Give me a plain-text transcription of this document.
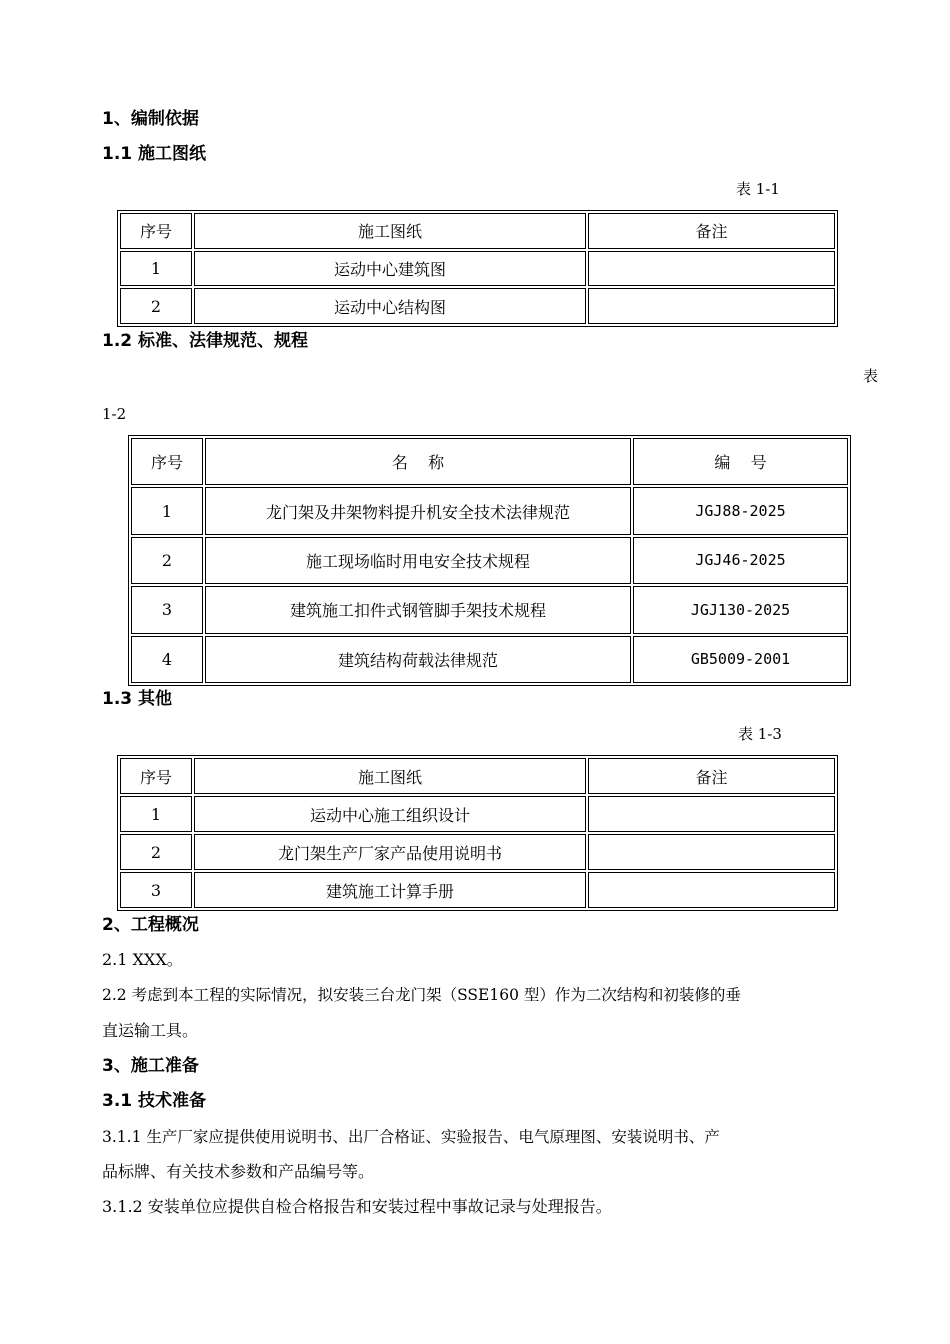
1、编制依据
1.1 施工图纸
表 1-1
序号	施工图纸	备注
1	运动中心建筑图	
2	运动中心结构图	
1.2 标准、法律规范、规程
表
1-2
序号	名    称	编    号
1	龙门架及井架物料提升机安全技术法律规范	JGJ88-2025
2	施工现场临时用电安全技术规程	JGJ46-2025
3	建筑施工扣件式钢管脚手架技术规程	JGJ130-2025
4	建筑结构荷载法律规范	GB5009-2001
1.3 其他
表 1-3
序号	施工图纸	备注
1	运动中心施工组织设计	
2	龙门架生产厂家产品使用说明书	
3	建筑施工计算手册	
2、工程概况
2.1 XXX。
2.2 考虑到本工程的实际情况，拟安装三台龙门架（SSE160 型）作为二次结构和初装修的垂
直运输工具。
3、施工准备
3.1 技术准备
3.1.1 生产厂家应提供使用说明书、出厂合格证、实验报告、电气原理图、安装说明书、产
品标牌、有关技术参数和产品编号等。
3.1.2 安装单位应提供自检合格报告和安装过程中事故记录与处理报告。
